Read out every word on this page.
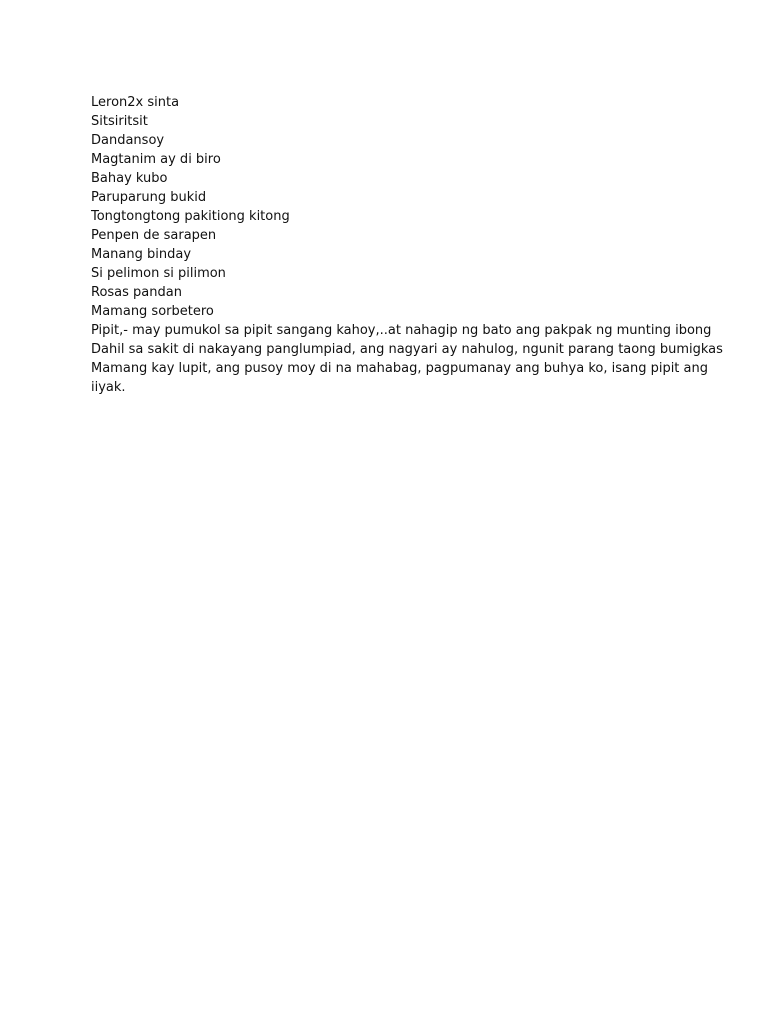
Leron2x sinta
Sitsiritsit
Dandansoy
Magtanim ay di biro
Bahay kubo
Paruparung bukid
Tongtongtong pakitiong kitong
Penpen de sarapen
Manang binday
Si pelimon si pilimon
Rosas pandan
Mamang sorbetero
Pipit,- may pumukol sa pipit sangang kahoy,..at nahagip ng bato ang pakpak ng munting ibong
Dahil sa sakit di nakayang panglumpiad, ang nagyari ay nahulog, ngunit parang taong bumigkas
Mamang kay lupit, ang pusoy moy di na mahabag, pagpumanay ang buhya ko, isang pipit ang
iiyak.
